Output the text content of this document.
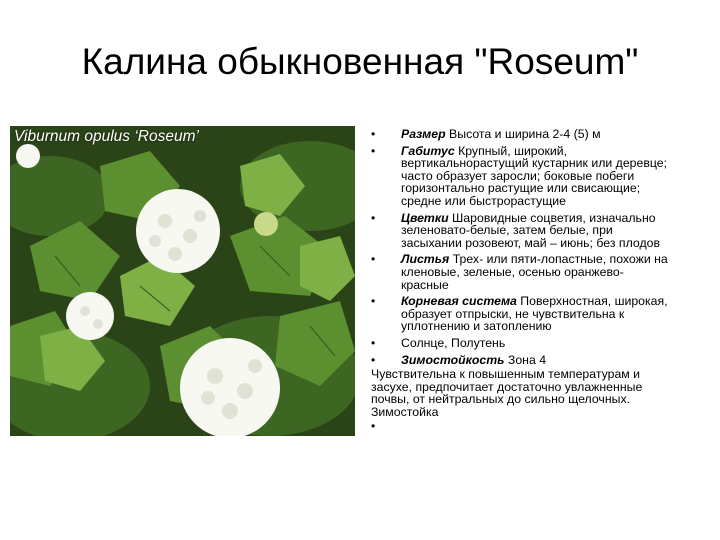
Калина обыкновенная "Roseum"
Viburnum opulus ‘Roseum’	•	Размер Высота и ширина 2-4 (5) м
•	Габитус Крупный, широкий, вертикальнорастущий кустарник или деревце; часто образует заросли; боковые побеги горизонтально растущие или свисающие; средне или быстрорастущие
•	Цветки Шаровидные соцветия, изначально зеленовато-белые, затем белые, при засыхании розовеют, май – июнь; без плодов
•	Листья Трех- или пяти-лопастные, похожи на кленовые, зеленые, осенью оранжево-красные
•	Корневая система Поверхностная, широкая, образует отпрыски, не чувствительна к уплотнению и затоплению
•	Солнце, Полутень
•	Зимостойкость Зона 4
Чувствительна к повышенным температурам и засухе, предпочитает достаточно увлажненные почвы, от нейтральных до сильно щелочных. Зимостойка
•
